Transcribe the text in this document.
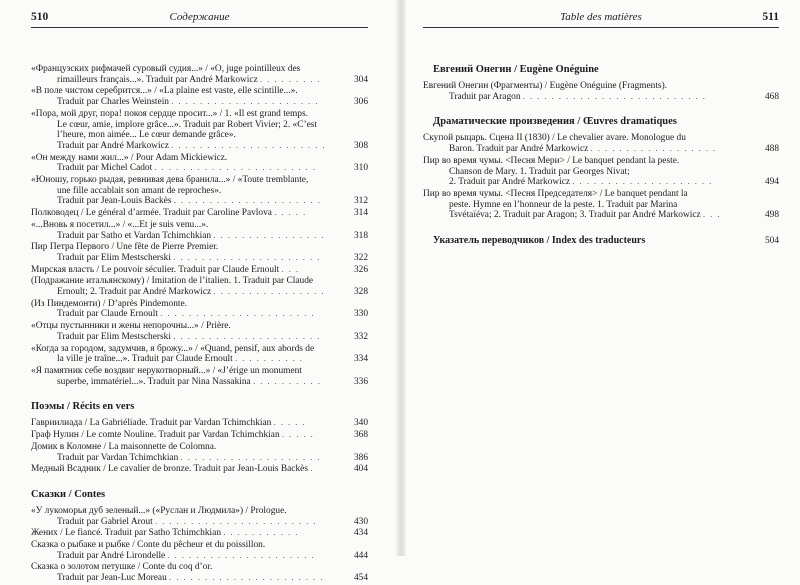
510	Содержание
«Французских рифмачей суровый судия...» / «O, juge pointilleux des
rimailleurs français...». Traduit par André Markowicz . . . . . . . . .	304
«В поле чистом серебрится...» / «La plaine est vaste, elle scintille...».
Traduit par Charles Weinstein . . . . . . . . . . . . . . . . . . . . .	306
«Пора, мой друг, пора! покоя сердце просит...» / 1. «Il est grand temps.
Le cœur, amie, implore grâce...». Traduit par Robert Vivier; 2. «C’est
l’heure, mon aimée... Le cœur demande grâce».
Traduit par André Markowicz . . . . . . . . . . . . . . . . . . . . . .	308
«Он между нами жил...» / Pour Adam Mickiewicz.
Traduit par Michel Cadot . . . . . . . . . . . . . . . . . . . . . . .	310
«Юношу, горько рыдая, ревнивая дева бранила...» / «Toute tremblante,
une fille accablait son amant de reproches».
Traduit par Jean-Louis Backès . . . . . . . . . . . . . . . . . . . . .	312
Полководец / Le général d’armée. Traduit par Caroline Pavlova . . . . .	314
«...Вновь я посетил...» / «...Et je suis venu...».
Traduit par Satho et Vardan Tchimchkian . . . . . . . . . . . . . . . .	318
Пир Петра Первого / Une fête de Pierre Premier.
Traduit par Elim Mestscherski . . . . . . . . . . . . . . . . . . . . .	322
Мирская власть / Le pouvoir séculier. Traduit par Claude Ernoult . . .	326
(Подражание итальянскому) / Imitation de l’italien. 1. Traduit par Claude
Ernoult; 2. Traduit par André Markowicz . . . . . . . . . . . . . . . .	328
(Из Пиндемонти) / D’après Pindemonte.
Traduit par Claude Ernoult . . . . . . . . . . . . . . . . . . . . . .	330
«Отцы пустынники и жены непорочны...» / Prière.
Traduit par Elim Mestscherski . . . . . . . . . . . . . . . . . . . . .	332
«Когда за городом, задумчив, я брожу...» / «Quand, pensif, aux abords de
la ville je traîne...». Traduit par Claude Ernoult . . . . . . . . . .	334
«Я памятник себе воздвиг нерукотворный...» / «J’érige un monument
superbe, immatériel...». Traduit par Nina Nassakina . . . . . . . . . .	336
Поэмы / Récits en vers
Гавриилиада / La Gabriéliade. Traduit par Vardan Tchimchkian . . . . .	340
Граф Нулин / Le comte Nouline. Traduit par Vardan Tchimchkian . . . . .	368
Домик в Коломне / La maisonnette de Colomna.
Traduit par Vardan Tchimchkian . . . . . . . . . . . . . . . . . . . .	386
Медный Всадник / Le cavalier de bronze. Traduit par Jean-Louis Backès .	404
Сказки / Contes
«У лукоморья дуб зеленый...» («Руслан и Людмила») / Prologue.
Traduit par Gabriel Arout . . . . . . . . . . . . . . . . . . . . . . .	430
Жених / Le fiancé. Traduit par Satho Tchimchkian . . . . . . . . . . .	434
Сказка о рыбаке и рыбке / Conte du pêcheur et du poissillon.
Traduit par André Lirondelle . . . . . . . . . . . . . . . . . . . . .	444
Сказка о золотом петушке / Conte du coq d’or.
Traduit par Jean-Luc Moreau . . . . . . . . . . . . . . . . . . . . . .	454
Table des matières	511
Евгений Онегин / Eugène Onéguine
Евгений Онегин (Фрагменты) / Eugène Onéguine (Fragments).
Traduit par Aragon . . . . . . . . . . . . . . . . . . . . . . . . . .	468
Драматические произведения / Œuvres dramatiques
Скупой рыцарь. Сцена II (1830) / Le chevalier avare. Monologue du
Baron. Traduit par André Markowicz . . . . . . . . . . . . . . . . . .	488
Пир во время чумы. <Песня Мери> / Le banquet pendant la peste.
Chanson de Mary. 1. Traduit par Georges Nivat;
2. Traduit par André Markowicz . . . . . . . . . . . . . . . . . . . .	494
Пир во время чумы. <Песня Председателя> / Le banquet pendant la
peste. Hymne en l’honneur de la peste. 1. Traduit par Marina
Tsvétaïéva; 2. Traduit par Aragon; 3. Traduit par André Markowicz . . .	498
Указатель переводчиков / Index des traducteurs	504
